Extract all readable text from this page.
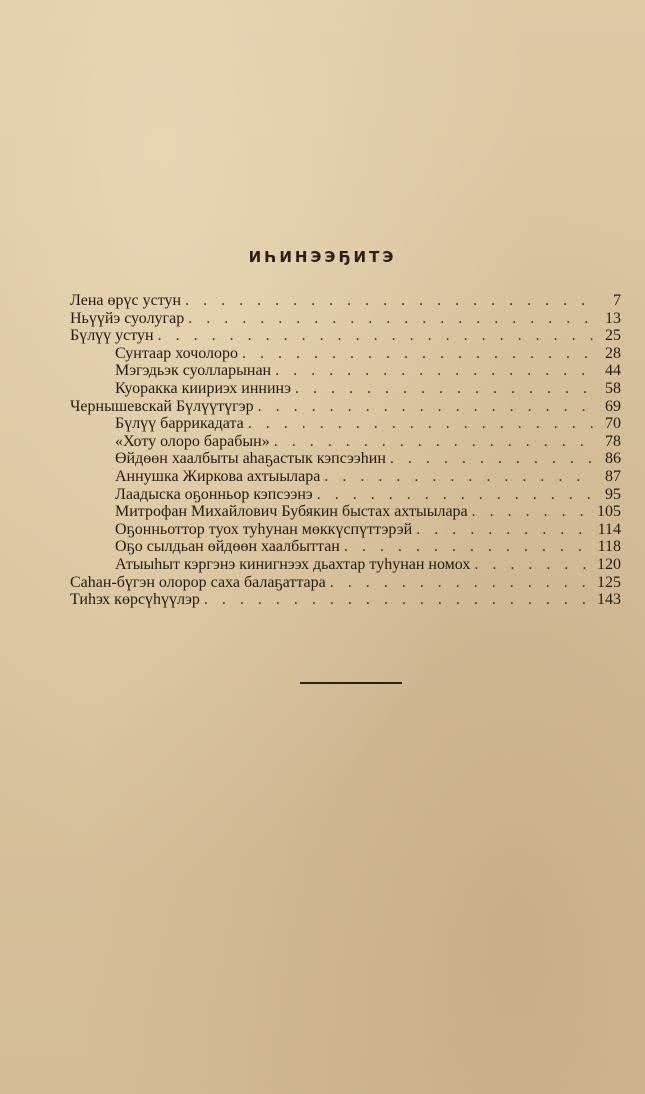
ИҺИНЭЭҔИТЭ
Лена өрүс устун . . .	7
Ньүүйэ суолугар . . .	13
Бүлүү устун . . .	25
Сунтаар хочолоро . . .	28
Мэгэдьэк суолларынан . . .	44
Куоракка киириэх иннинэ . . .	58
Чернышевскай Бүлүүтүгэр . . .	69
Бүлүү баррикадата . . .	70
«Хоту олоро барабын» . . .	78
Өйдөөн хаалбыты аһаҕастык кэпсээһин . . .	86
Аннушка Жиркова ахтыылара . . .	87
Лаадыска оҕонньор кэпсээнэ . . .	95
Митрофан Михайлович Бубякин быстах ахтыылара . . .	105
Оҕонньоттор туох туһунан мөккүспүттэрэй . . .	114
Оҕо сылдьан өйдөөн хаалбыттан . . .	118
Атыыһыт кэргэнэ кинигнээх дьахтар туһунан номох . . .	120
Саһан-бүгэн олорор саха балаҕаттара . . .	125
Тиһэх көрсүһүүлэр . . .	143
